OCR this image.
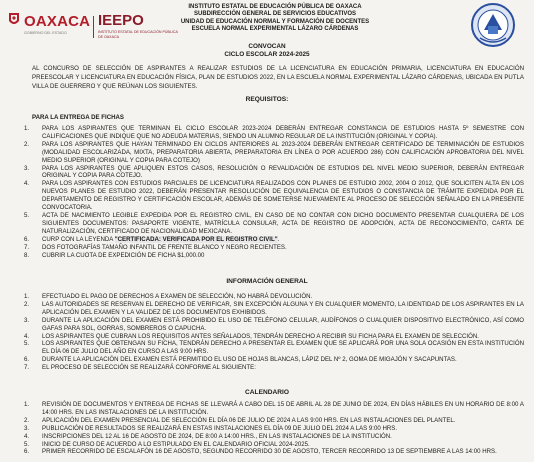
OAXACA
GOBIERNO DEL ESTADO
IEEPO
INSTITUTO ESTATAL DE EDUCACIÓN PÚBLICA DE OAXACA
INSTITUTO ESTATAL DE EDUCACIÓN PÚBLICA DE OAXACA
SUBDIRECCIÓN GENERAL DE SERVICIOS EDUCATIVOS
UNIDAD DE EDUCACIÓN NORMAL Y FORMACIÓN DE DOCENTES
ESCUELA NORMAL EXPERIMENTAL LÁZARO CÁRDENAS
CONVOCAN
CICLO ESCOLAR 2024-2025
AL CONCURSO DE SELECCIÓN DE ASPIRANTES A REALIZAR ESTUDIOS DE LA LICENCIATURA EN EDUCACIÓN PRIMARIA, LICENCIATURA EN EDUCACIÓN PREESCOLAR Y LICENCIATURA EN EDUCACIÓN FÍSICA, PLAN DE ESTUDIOS 2022, EN LA ESCUELA NORMAL EXPERIMENTAL LÁZARO CÁRDENAS, UBICADA EN PUTLA VILLA DE GUERRERO Y QUE REÚNAN LOS SIGUIENTES.
REQUISITOS:
PARA LA ENTREGA DE FICHAS
1.	PARA LOS ASPIRANTES QUE TERMINAN EL CICLO ESCOLAR 2023-2024 DEBERÁN ENTREGAR CONSTANCIA DE ESTUDIOS HASTA 5º SEMESTRE CON CALIFICACIONES QUE INDIQUE QUE NO ADEUDA MATERIAS, SIENDO UN ALUMNO REGULAR DE LA INSTITUCIÓN (ORIGINAL Y COPIA).
2.	PARA LOS ASPIRANTES QUE HAYAN TERMINADO EN CICLOS ANTERIORES AL 2023-2024 DEBERÁN ENTREGAR CERTIFICADO DE TERMINACIÓN DE ESTUDIOS (MODALIDAD ESCOLARIZADA, MIXTA, PREPARATORIA ABIERTA, PREPARATORIA EN LÍNEA O POR ACUERDO 286) CON CALIFICACIÓN APROBATORIA DEL NIVEL MEDIO SUPERIOR (ORIGINAL Y COPIA PARA COTEJO)
3.	PARA LOS ASPIRANTES QUE APLIQUEN ESTOS CASOS, RESOLUCIÓN O REVALIDACIÓN DE ESTUDIOS DEL NIVEL MEDIO SUPERIOR, DEBERÁN ENTREGAR ORIGINAL Y COPIA PARA COTEJO.
4.	PARA LOS ASPIRANTES CON ESTUDIOS PARCIALES DE LICENCIATURA REALIZADOS CON PLANES DE ESTUDIO 2002, 2004 O 2012, QUE SOLICITEN ALTA EN LOS NUEVOS PLANES DE ESTUDIO 2022, DEBERÁN PRESENTAR RESOLUCIÓN DE EQUIVALENCIA DE ESTUDIOS O CONSTANCIA DE TRÁMITE EXPEDIDA POR EL DEPARTAMENTO DE REGISTRO Y CERTIFICACIÓN ESCOLAR, ADEMÁS DE SOMETERSE NUEVAMENTE AL PROCESO DE SELECCIÓN SEÑALADO EN LA PRESENTE CONVOCATORIA.
5.	ACTA DE NACIMIENTO LEGIBLE EXPEDIDA POR EL REGISTRO CIVIL, EN CASO DE NO CONTAR CON DICHO DOCUMENTO PRESENTAR CUALQUIERA DE LOS SIGUIENTES DOCUMENTOS: PASAPORTE VIGENTE, MATRÍCULA CONSULAR, ACTA DE REGISTRO DE ADOPCIÓN, ACTA DE RECONOCIMIENTO, CARTA DE NATURALIZACIÓN, CERTIFICADO DE NACIONALIDAD MEXICANA.
6.	CURP CON LA LEYENDA "CERTIFICADA: VERIFICADA POR EL REGISTRO CIVIL".
7.	DOS FOTOGRAFÍAS TAMAÑO INFANTIL DE FRENTE BLANCO Y NEGRO RECIENTES.
8.	CUBRIR LA CUOTA DE EXPEDICIÓN DE FICHA $1,000.00
INFORMACIÓN GENERAL
1.	EFECTUADO EL PAGO DE DERECHOS A EXAMEN DE SELECCIÓN, NO HABRÁ DEVOLUCIÓN.
2.	LAS AUTORIDADES SE RESERVAN EL DERECHO DE VERIFICAR, SIN EXCEPCIÓN ALGUNA Y EN CUALQUIER MOMENTO, LA IDENTIDAD DE LOS ASPIRANTES EN LA APLICACIÓN DEL EXAMEN Y LA VALIDEZ DE LOS DOCUMENTOS EXHIBIDOS.
3.	DURANTE LA APLICACIÓN DEL EXAMEN ESTÁ PROHIBIDO EL USO DE TELÉFONO CELULAR, AUDÍFONOS O CUALQUIER DISPOSITIVO ELECTRÓNICO, ASÍ COMO GAFAS PARA SOL, GORRAS, SOMBREROS O CAPUCHA.
4.	LOS ASPIRANTES QUE CUBRAN LOS REQUISITOS ANTES SEÑALADOS, TENDRÁN DERECHO A RECIBIR SU FICHA PARA EL EXAMEN DE SELECCIÓN.
5.	LOS ASPIRANTES QUE OBTENGAN SU FICHA, TENDRÁN DERECHO A PRESENTAR EL EXAMEN QUE SE APLICARÁ POR UNA SOLA OCASIÓN EN ESTA INSTITUCIÓN EL DÍA 06 DE JULIO DEL AÑO EN CURSO A LAS 9:00 HRS.
6.	DURANTE LA APLICACIÓN DEL EXAMEN ESTÁ PERMITIDO EL USO DE HOJAS BLANCAS, LÁPIZ DEL Nº 2, GOMA DE MIGAJÓN Y SACAPUNTAS.
7.	EL PROCESO DE SELECCIÓN SE REALIZARÁ CONFORME AL SIGUIENTE:
CALENDARIO
1.	REVISIÓN DE DOCUMENTOS Y ENTREGA DE FICHAS SE LLEVARÁ A CABO DEL 15 DE ABRIL AL 28 DE JUNIO DE 2024, EN DÍAS HÁBILES EN UN HORARIO DE 8:00 A 14:00 HRS. EN LAS INSTALACIONES DE LA INSTITUCIÓN.
2.	APLICACIÓN DEL EXAMEN PRESENCIAL DE SELECCIÓN EL DÍA 06 DE JULIO DE 2024 A LAS 9:00 HRS. EN LAS INSTALACIONES DEL PLANTEL.
3.	PUBLICACIÓN DE RESULTADOS SE REALIZARÁ EN ESTAS INSTALACIONES EL DÍA 09 DE JULIO DEL 2024 A LAS 9:00 HRS.
4.	INSCRIPCIONES DEL 12 AL 16 DE AGOSTO DE 2024, DE 8:00 A 14:00 HRS., EN LAS INSTALACIONES DE LA INSTITUCIÓN.
5.	INICIO DE CURSO DE ACUERDO A LO ESTIPULADO EN EL CALENDARIO OFICIAL 2024-2025.
6.	PRIMER RECORRIDO DE ESCALAFÓN 16 DE AGOSTO, SEGUNDO RECORRIDO 30 DE AGOSTO, TERCER RECORRIDO 13 DE SEPTIEMBRE A LAS 14:00 HRS.
